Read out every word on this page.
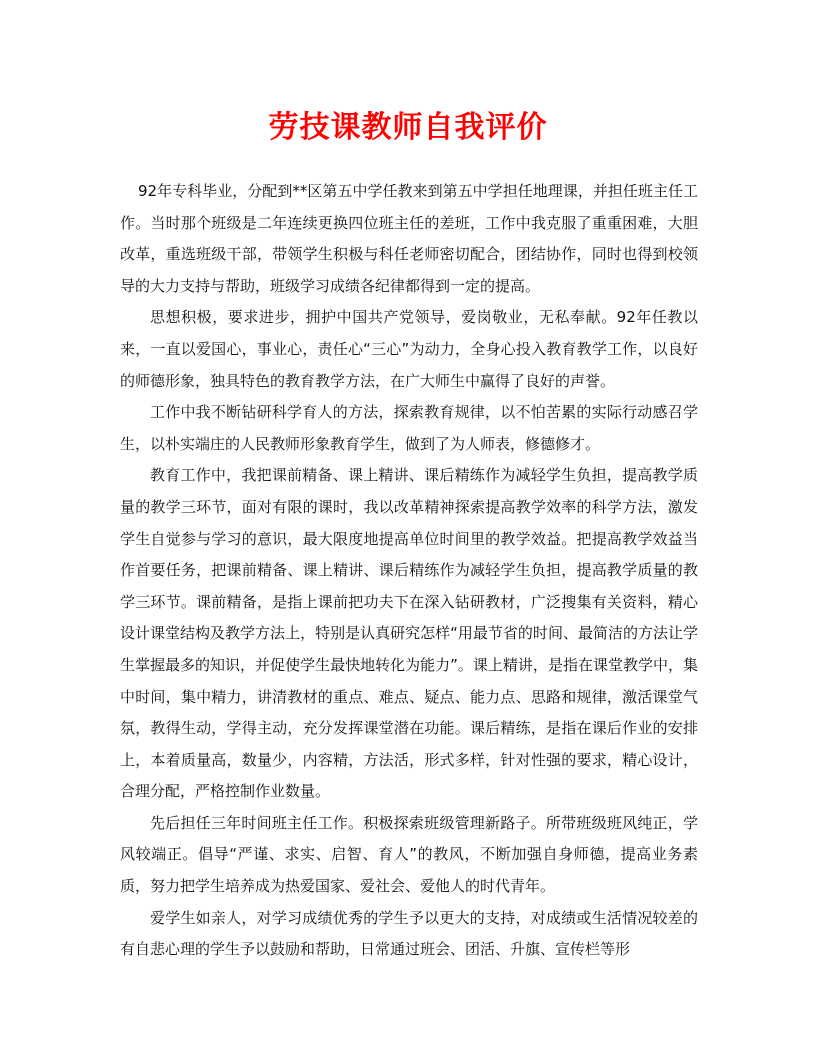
劳技课教师自我评价

92年专科毕业，分配到**区第五中学任教来到第五中学担任地理课，并担任班主任工作。当时那个班级是二年连续更换四位班主任的差班，工作中我克服了重重困难，大胆改革，重选班级干部，带领学生积极与科任老师密切配合，团结协作，同时也得到校领导的大力支持与帮助，班级学习成绩各纪律都得到一定的提高。

思想积极，要求进步，拥护中国共产党领导，爱岗敬业，无私奉献。92年任教以来，一直以爱国心，事业心，责任心“三心”为动力，全身心投入教育教学工作，以良好的师德形象，独具特色的教育教学方法，在广大师生中赢得了良好的声誉。

工作中我不断钻研科学育人的方法，探索教育规律，以不怕苦累的实际行动感召学生，以朴实端庄的人民教师形象教育学生，做到了为人师表，修德修才。

教育工作中，我把课前精备、课上精讲、课后精练作为减轻学生负担，提高教学质量的教学三环节，面对有限的课时，我以改革精神探索提高教学效率的科学方法，激发学生自觉参与学习的意识，最大限度地提高单位时间里的教学效益。把提高教学效益当作首要任务，把课前精备、课上精讲、课后精练作为减轻学生负担，提高教学质量的教学三环节。课前精备，是指上课前把功夫下在深入钻研教材，广泛搜集有关资料，精心设计课堂结构及教学方法上，特别是认真研究怎样“用最节省的时间、最简洁的方法让学生掌握最多的知识，并促使学生最快地转化为能力”。课上精讲，是指在课堂教学中，集中时间，集中精力，讲清教材的重点、难点、疑点、能力点、思路和规律，激活课堂气氛，教得生动，学得主动，充分发挥课堂潜在功能。课后精练，是指在课后作业的安排上，本着质量高，数量少，内容精，方法活，形式多样，针对性强的要求，精心设计，合理分配，严格控制作业数量。

先后担任三年时间班主任工作。积极探索班级管理新路子。所带班级班风纯正，学风较端正。倡导“严谨、求实、启智、育人”的教风，不断加强自身师德，提高业务素质，努力把学生培养成为热爱国家、爱社会、爱他人的时代青年。

爱学生如亲人，对学习成绩优秀的学生予以更大的支持，对成绩或生活情况较差的有自悲心理的学生予以鼓励和帮助，日常通过班会、团活、升旗、宣传栏等形
